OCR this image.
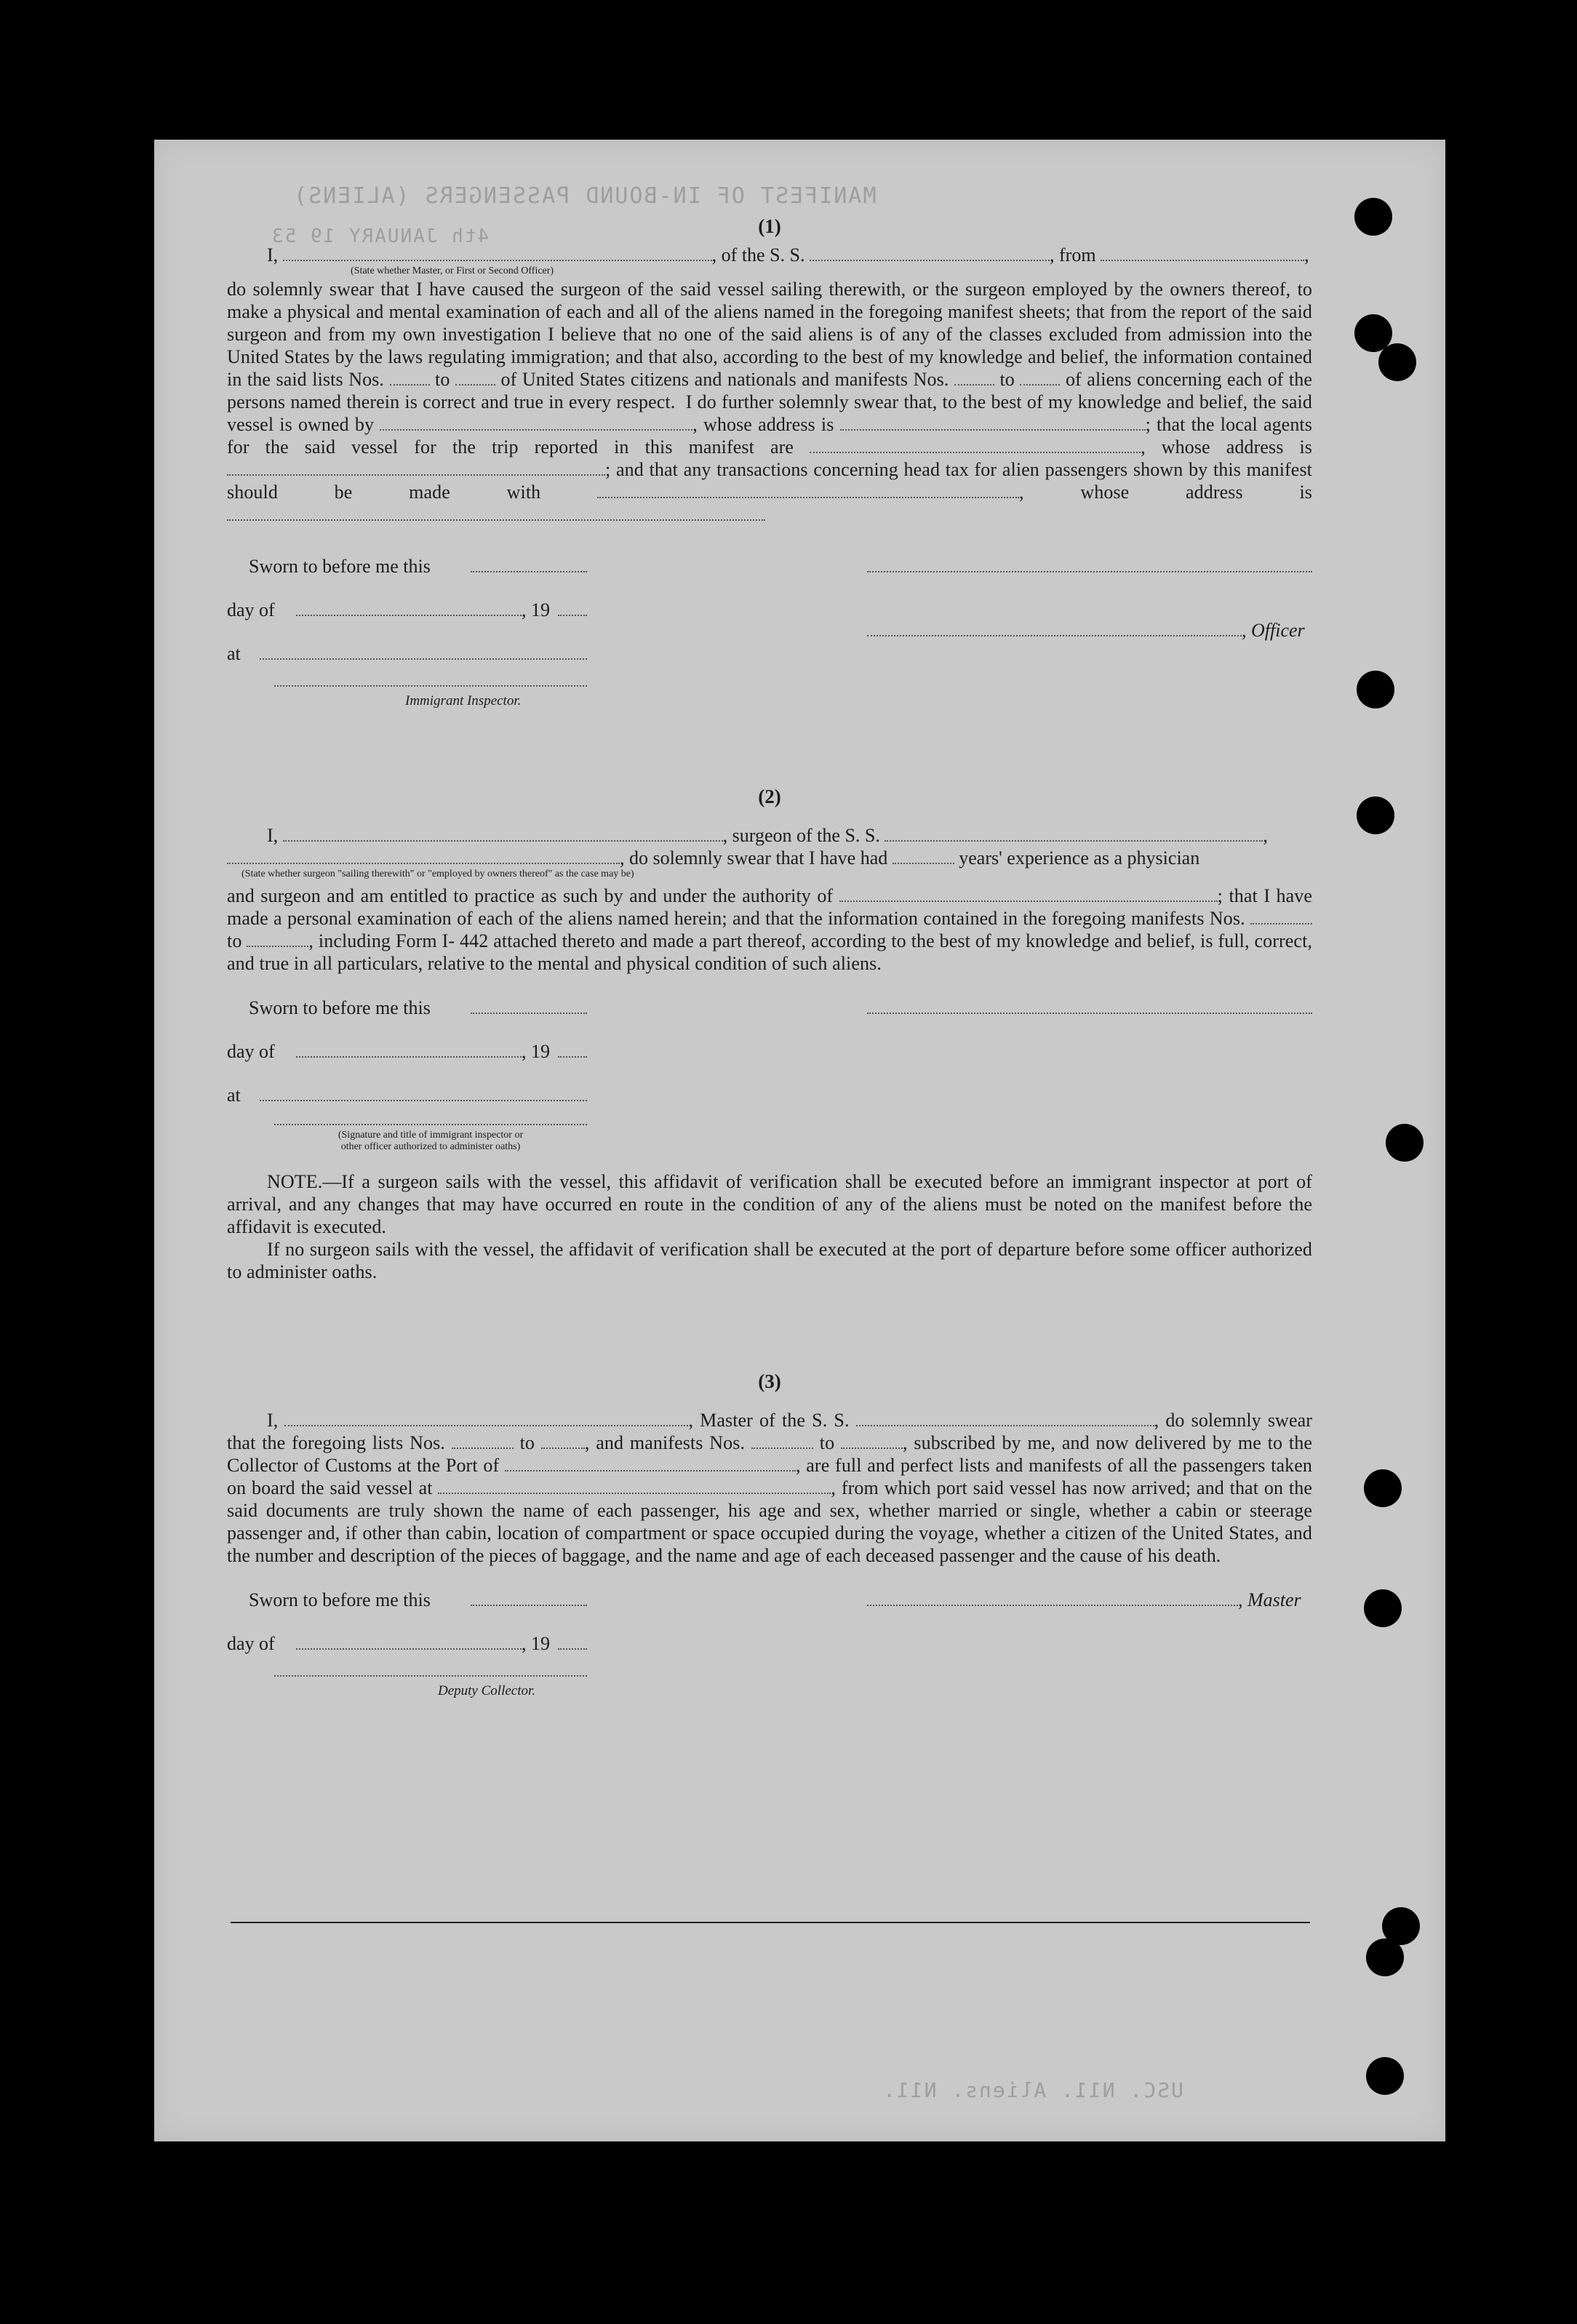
MANIFEST OF IN-BOUND PASSENGERS (ALIENS)
4th JANUARY 19 53
USC. N11. Aliens. N11.
(1)
I,	, of the S. S.	, from	,
(State whether Master, or First or Second Officer)

do solemnly swear that I have caused the surgeon of the said vessel sailing therewith, or the surgeon employed by the owners thereof, to make a physical and mental examination of each and all of the aliens named in the foregoing manifest sheets; that from the report of the said surgeon and from my own investigation I believe that no one of the said aliens is of any of the classes excluded from admission into the United States by the laws regulating immigration; and that also, according to the best of my knowledge and belief, the information contained in the said lists Nos.	to	of United States citizens and nationals and manifests Nos.	to	of aliens concerning each of the persons named therein is correct and true in every respect. I do further solemnly swear that, to the best of my knowledge and belief, the said vessel is owned by	, whose address is	; that the local agents for the said vessel for the trip reported in this manifest are	, whose address is ; and that any transactions concerning head tax for alien passengers shown by this manifest should be made with	, whose address is

Sworn to before me this
day of	, 19
at
, Officer
Immigrant Inspector.
(2)
I,	, surgeon of the S. S.	,
, do solemnly swear that I have had	years' experience as a physician
(State whether surgeon "sailing therewith" or "employed by owners thereof" as the case may be)

and surgeon and am entitled to practice as such by and under the authority of	; that I have made a personal examination of each of the aliens named herein; and that the information contained in the foregoing manifests Nos.  to	, including Form I- 442 attached thereto and made a part thereof, according to the best of my knowledge and belief, is full, correct, and true in all particulars, relative to the mental and physical condition of such aliens.

Sworn to before me this
day of	, 19
at
(Signature and title of immigrant inspector or
other officer authorized to administer oaths)

NOTE.—If a surgeon sails with the vessel, this affidavit of verification shall be executed before an immigrant inspector at port of arrival, and any changes that may have occurred en route in the condition of any of the aliens must be noted on the manifest before the affidavit is executed.

If no surgeon sails with the vessel, the affidavit of verification shall be executed at the port of departure before some officer authorized to administer oaths.

(3)

I,	, Master of the S. S.	, do solemnly swear that the foregoing lists Nos.	to	, and manifests Nos.	to	, subscribed by me, and now delivered by me to the Collector of Customs at the Port of	, are full and perfect lists and manifests of all the passengers taken on board the said vessel at	, from which port said vessel has now arrived; and that on the said documents are truly shown the name of each passenger, his age and sex, whether married or single, whether a cabin or steerage passenger and, if other than cabin, location of compartment or space occupied during the voyage, whether a citizen of the United States, and the number and description of the pieces of baggage, and the name and age of each deceased passenger and the cause of his death.

Sworn to before me this	, Master
day of	, 19
Deputy Collector.
